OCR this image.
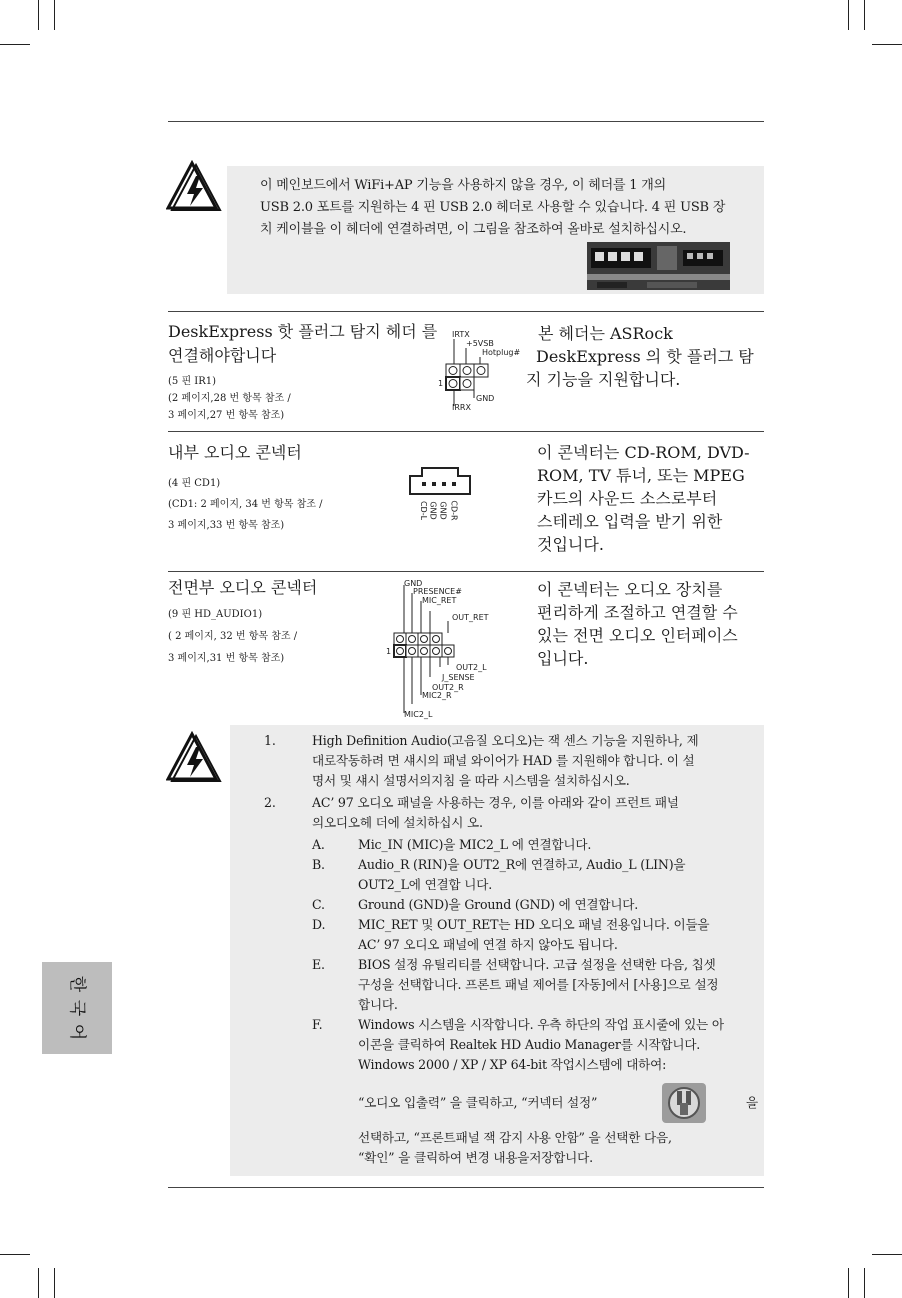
이 메인보드에서 WiFi+AP 기능을 사용하지 않을 경우, 이 헤더를 1 개의
USB 2.0 포트를 지원하는 4 핀 USB 2.0 헤더로 사용할 수 있습니다. 4 핀 USB 장
치 케이블을 이 헤더에 연결하려면, 이 그림을 참조하여 올바로 설치하십시오.
DeskExpress 핫 플러그 탐지 헤더 를
연결해야합니다
(5 핀 IR1)
(2 페이지,28 번 항목 참조 /
3 페이지,27 번 항목 참조)
IRTX
+5VSB
Hotplug#
1
GND
IRRX
본 헤더는 ASRock
DeskExpress 의 핫 플러그 탐
지 기능을 지원합니다.
내부 오디오 콘넥터
(4 핀 CD1)
(CD1: 2 페이지, 34 번 항목 참조 /
3 페이지,33 번 항목 참조)
CD-L GND GND CD-R
이 콘넥터는 CD-ROM, DVD-
ROM, TV 튜너, 또는 MPEG
카드의 사운드 소스로부터
스테레오 입력을 받기 위한
것입니다.
전면부 오디오 콘넥터
(9 핀 HD_AUDIO1)
( 2 페이지, 32 번 항목 참조 /
3 페이지,31 번 항목 참조)
GND
PRESENCE#
MIC_RET
OUT_RET
1
OUT2_L
J_SENSE
OUT2_R
MIC2_R
MIC2_L
이 콘넥터는 오디오 장치를
편리하게 조절하고 연결할 수
있는 전면 오디오 인터페이스
입니다.
1.	High Definition Audio(고음질 오디오)는 잭 센스 기능을 지원하나, 제
대로작동하려 면 섀시의 패널 와이어가 HAD 를 지원해야 합니다. 이 설
명서 및 섀시 설명서의지침 을 따라 시스템을 설치하십시오.
2.	AC’ 97 오디오 패널을 사용하는 경우, 이를 아래와 같이 프런트 패널
의오디오헤 더에 설치하십시 오.
A.	Mic_IN (MIC)을 MIC2_L 에 연결합니다.
B.	Audio_R (RIN)을 OUT2_R에 연결하고, Audio_L (LIN)을
OUT2_L에 연결합 니다.
C.	Ground (GND)을 Ground (GND) 에 연결합니다.
D.	MIC_RET 및 OUT_RET는 HD 오디오 패널 전용입니다. 이들을
AC’ 97 오디오 패널에 연결 하지 않아도 됩니다.
E.	BIOS 설정 유틸리티를 선택합니다. 고급 설정을 선택한 다음, 칩셋
구성을 선택합니다. 프론트 패널 제어를 [자동]에서 [사용]으로 설정
합니다.
F.	Windows 시스템을 시작합니다. 우측 하단의 작업 표시줄에 있는 아
이콘을 클릭하여 Realtek HD Audio Manager를 시작합니다.
Windows 2000 / XP / XP 64-bit 작업시스템에 대하여:
“오디오 입출력” 을 클릭하고, “커넥터 설정”	을
선택하고, “프론트패널 잭 감지 사용 안함” 을 선택한 다음,
“확인” 을 클릭하여 변경 내용을저장합니다.
한
국
어
